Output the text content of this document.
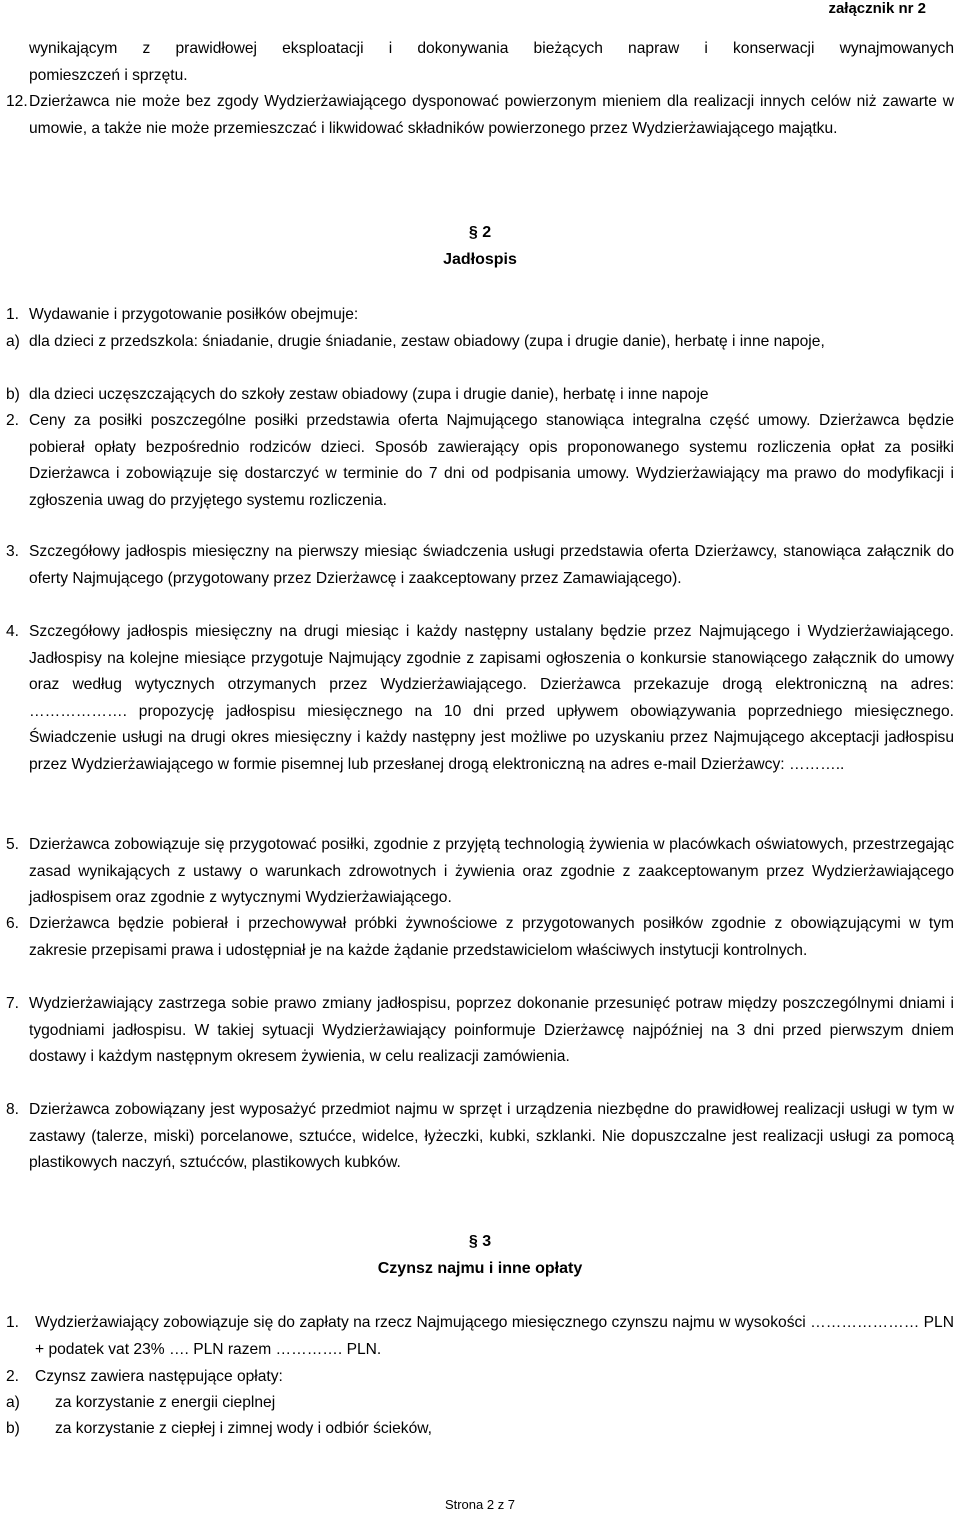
załącznik nr 2
wynikającym z prawidłowej eksploatacji i dokonywania bieżących napraw i konserwacji wynajmowanych
pomieszczeń i sprzętu.
12. Dzierżawca nie może bez zgody Wydzierżawiającego dysponować powierzonym mieniem dla realizacji innych celów niż zawarte w umowie, a także nie może przemieszczać i likwidować składników powierzonego przez Wydzierżawiającego majątku.
§ 2
Jadłospis
1. Wydawanie i przygotowanie posiłków obejmuje:
a) dla dzieci z przedszkola: śniadanie, drugie śniadanie, zestaw obiadowy (zupa i drugie danie), herbatę i inne napoje,
b) dla dzieci uczęszczających do szkoły zestaw obiadowy (zupa i drugie danie), herbatę i inne napoje
2. Ceny za posiłki poszczególne posiłki przedstawia oferta Najmującego stanowiąca integralna część umowy. Dzierżawca będzie pobierał opłaty bezpośrednio rodziców dzieci. Sposób zawierający opis proponowanego systemu rozliczenia opłat za posiłki Dzierżawca i zobowiązuje się dostarczyć w terminie do 7 dni od podpisania umowy. Wydzierżawiający ma prawo do modyfikacji i zgłoszenia uwag do przyjętego systemu rozliczenia.
3. Szczegółowy jadłospis miesięczny na pierwszy miesiąc świadczenia usługi przedstawia oferta Dzierżawcy, stanowiąca załącznik do oferty Najmującego (przygotowany przez Dzierżawcę i zaakceptowany przez Zamawiającego).
4. Szczegółowy jadłospis miesięczny na drugi miesiąc i każdy następny ustalany będzie przez Najmującego i Wydzierżawiającego. Jadłospisy na kolejne miesiące przygotuje Najmujący zgodnie z zapisami ogłoszenia o konkursie stanowiącego załącznik do umowy oraz według wytycznych otrzymanych przez Wydzierżawiającego. Dzierżawca przekazuje drogą elektroniczną na adres: ………………. propozycję jadłospisu miesięcznego na 10 dni przed upływem obowiązywania poprzedniego miesięcznego. Świadczenie usługi na drugi okres miesięczny i każdy następny jest możliwe po uzyskaniu przez Najmującego akceptacji jadłospisu przez Wydzierżawiającego w formie pisemnej lub przesłanej drogą elektroniczną na adres e-mail Dzierżawcy: ………..
5. Dzierżawca zobowiązuje się przygotować posiłki, zgodnie z przyjętą technologią żywienia w placówkach oświatowych, przestrzegając zasad wynikających z ustawy o warunkach zdrowotnych i żywienia oraz zgodnie z zaakceptowanym przez Wydzierżawiającego jadłospisem oraz zgodnie z wytycznymi Wydzierżawiającego.
6. Dzierżawca będzie pobierał i przechowywał próbki żywnościowe z przygotowanych posiłków zgodnie z obowiązującymi w tym zakresie przepisami prawa i udostępniał je na każde żądanie przedstawicielom właściwych instytucji kontrolnych.
7. Wydzierżawiający zastrzega sobie prawo zmiany jadłospisu, poprzez dokonanie przesunięć potraw między poszczególnymi dniami i tygodniami jadłospisu. W takiej sytuacji Wydzierżawiający poinformuje Dzierżawcę najpóźniej na 3 dni przed pierwszym dniem dostawy i każdym następnym okresem żywienia, w celu realizacji zamówienia.
8. Dzierżawca zobowiązany jest wyposażyć przedmiot najmu w sprzęt i urządzenia niezbędne do prawidłowej realizacji usługi w tym w zastawy (talerze, miski) porcelanowe, sztućce, widelce, łyżeczki, kubki, szklanki. Nie dopuszczalne jest realizacji usługi za pomocą plastikowych naczyń, sztućców, plastikowych kubków.
§ 3
Czynsz najmu i inne opłaty
1.	Wydzierżawiający zobowiązuje się do zapłaty na rzecz Najmującego miesięcznego czynszu najmu w wysokości ………………… PLN + podatek vat 23% …. PLN razem …………. PLN.
2.	Czynsz zawiera następujące opłaty:
a)	za korzystanie z energii cieplnej
b)	za korzystanie z ciepłej i zimnej wody i odbiór ścieków,
Strona 2 z 7
